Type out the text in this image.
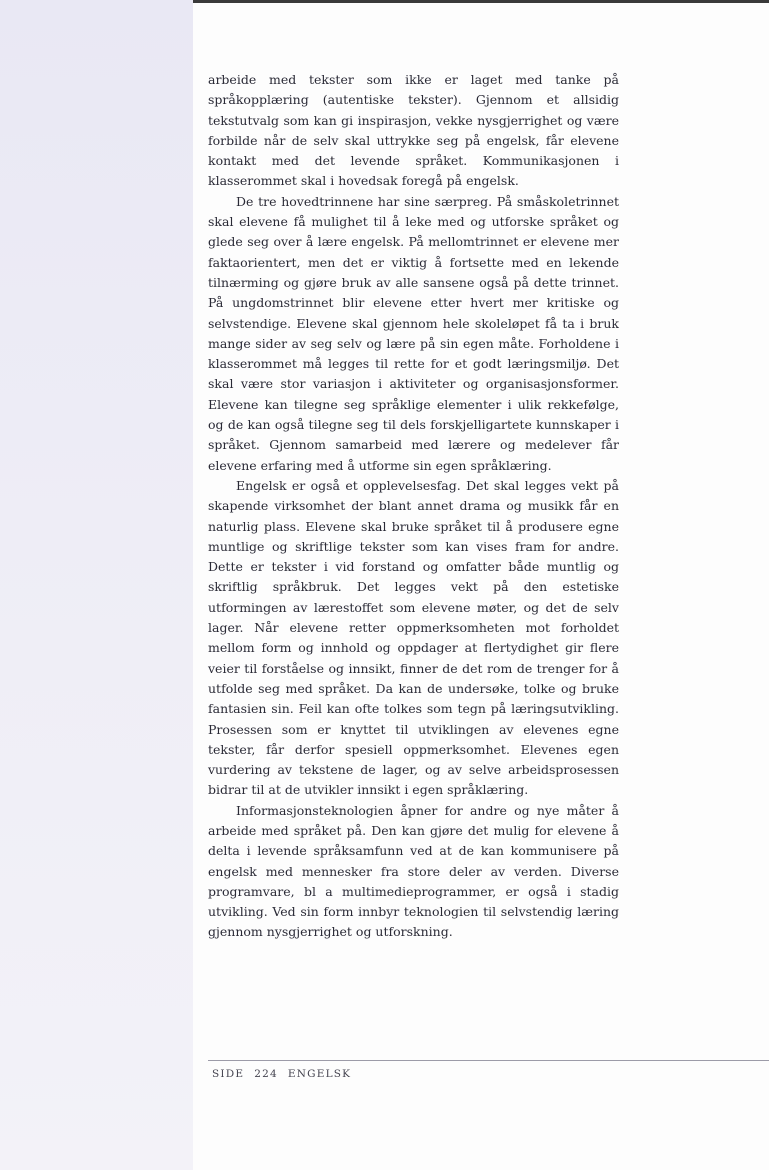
arbeide med tekster som ikke er laget med tanke på språkopplæring (autentiske tekster). Gjennom et allsidig tekstutvalg som kan gi inspirasjon, vekke nysgjerrighet og være forbilde når de selv skal uttrykke seg på engelsk, får elevene kontakt med det levende språket. Kommunikasjonen i klasserommet skal i hovedsak foregå på engelsk.

De tre hovedtrinnene har sine særpreg. På småskoletrinnet skal elevene få mulighet til å leke med og utforske språket og glede seg over å lære engelsk. På mellomtrinnet er elevene mer faktaorientert, men det er viktig å fortsette med en lekende tilnærming og gjøre bruk av alle sansene også på dette trinnet. På ungdomstrinnet blir elevene etter hvert mer kritiske og selvstendige. Elevene skal gjennom hele skoleløpet få ta i bruk mange sider av seg selv og lære på sin egen måte. Forholdene i klasserommet må legges til rette for et godt læringsmiljø. Det skal være stor variasjon i aktiviteter og organisasjonsformer. Elevene kan tilegne seg språklige elementer i ulik rekkefølge, og de kan også tilegne seg til dels forskjelligartete kunnskaper i språket. Gjennom samarbeid med lærere og medelever får elevene erfaring med å utforme sin egen språklæring.

Engelsk er også et opplevelsesfag. Det skal legges vekt på skapende virksomhet der blant annet drama og musikk får en naturlig plass. Elevene skal bruke språket til å produsere egne muntlige og skriftlige tekster som kan vises fram for andre. Dette er tekster i vid forstand og omfatter både muntlig og skriftlig språkbruk. Det legges vekt på den estetiske utformingen av lærestoffet som elevene møter, og det de selv lager. Når elevene retter oppmerksomheten mot forholdet mellom form og innhold og oppdager at flertydighet gir flere veier til forståelse og innsikt, finner de det rom de trenger for å utfolde seg med språket. Da kan de undersøke, tolke og bruke fantasien sin. Feil kan ofte tolkes som tegn på læringsutvikling. Prosessen som er knyttet til utviklingen av elevenes egne tekster, får derfor spesiell oppmerksomhet. Elevenes egen vurdering av tekstene de lager, og av selve arbeidsprosessen bidrar til at de utvikler innsikt i egen språklæring.

Informasjonsteknologien åpner for andre og nye måter å arbeide med språket på. Den kan gjøre det mulig for elevene å delta i levende språksamfunn ved at de kan kommunisere på engelsk med mennesker fra store deler av verden. Diverse programvare, bl a multimedieprogrammer, er også i stadig utvikling. Ved sin form innbyr teknologien til selvstendig læring gjennom nysgjerrighet og utforskning.

SIDE 224 ENGELSK
